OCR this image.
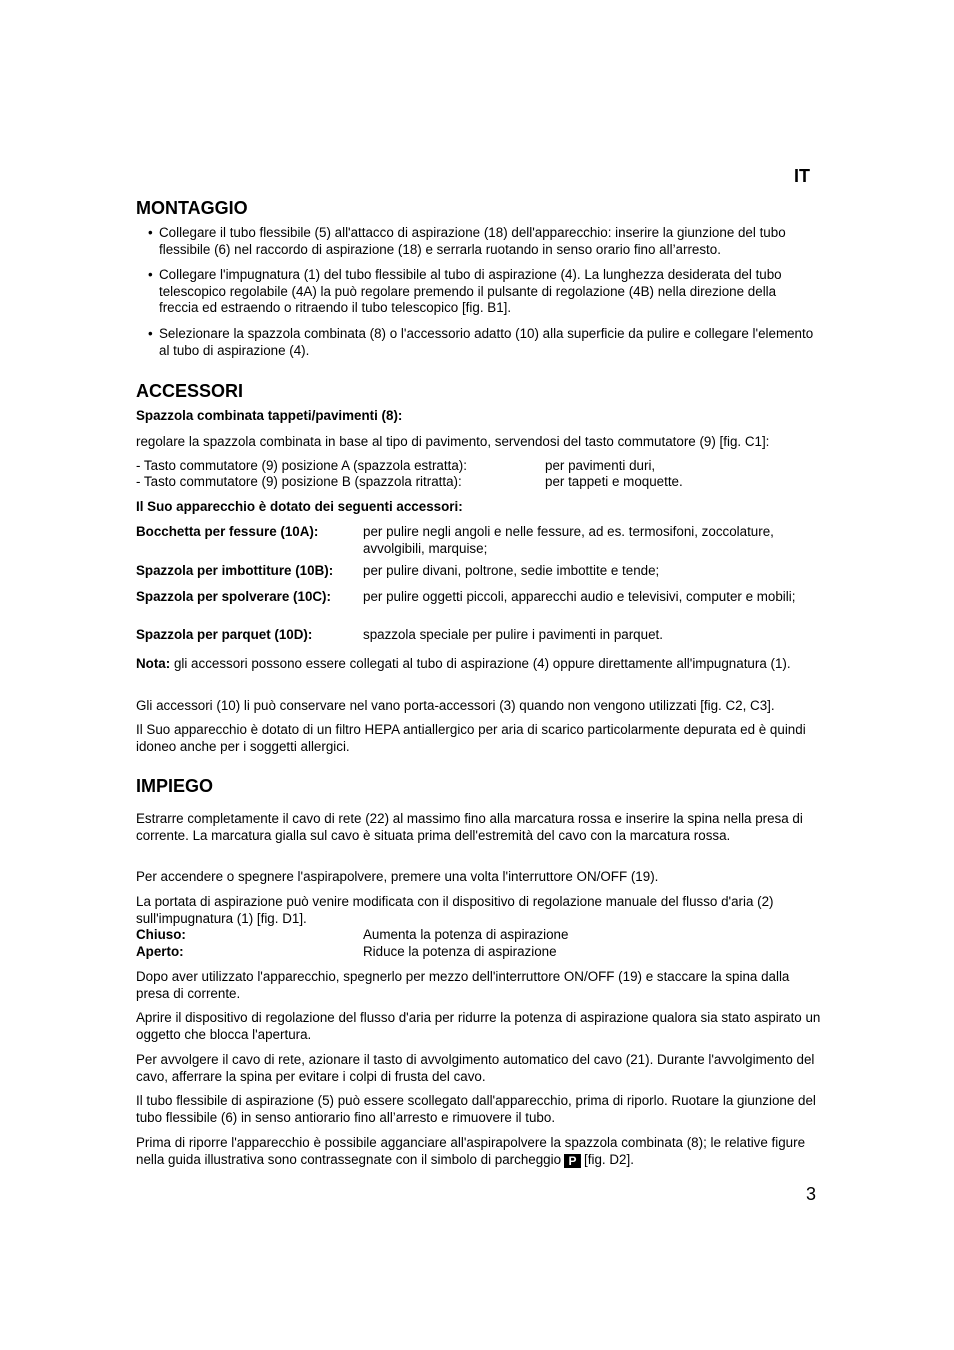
IT
MONTAGGIO
• Collegare il tubo flessibile (5) all'attacco di aspirazione (18) dell'apparecchio: inserire la giunzione del tubo flessibile (6) nel raccordo di aspirazione (18) e serrarla ruotando in senso orario fino all’arresto.

• Collegare l'impugnatura (1) del tubo flessibile al tubo di aspirazione (4). La lunghezza desiderata del tubo telescopico regolabile (4A) la può regolare premendo il pulsante di regolazione (4B) nella direzione della freccia ed estraendo o ritraendo il tubo telescopico [fig. B1].

• Selezionare la spazzola combinata (8) o l'accessorio adatto (10) alla superficie da pulire e collegare l'elemento al tubo di aspirazione (4).

ACCESSORI

Spazzola combinata tappeti/pavimenti (8):

regolare la spazzola combinata in base al tipo di pavimento, servendosi del tasto commutatore (9) [fig. C1]:

- Tasto commutatore (9) posizione A (spazzola estratta):	per pavimenti duri,
- Tasto commutatore (9) posizione B (spazzola ritratta):	per tappeti e moquette.

Il Suo apparecchio è dotato dei seguenti accessori:

Bocchetta per fessure (10A):	per pulire negli angoli e nelle fessure, ad es. termosifoni, zoccolature, avvolgibili, marquise;
Spazzola per imbottiture (10B): per pulire divani, poltrone, sedie imbottite e tende;
Spazzola per spolverare (10C): per pulire oggetti piccoli, apparecchi audio e televisivi, computer e mobili;
Spazzola per parquet (10D):	spazzola speciale per pulire i pavimenti in parquet.

Nota: gli accessori possono essere collegati al tubo di aspirazione (4) oppure direttamente all'impugnatura (1).

Gli accessori (10) li può conservare nel vano porta-accessori (3) quando non vengono utilizzati [fig. C2, C3].

Il Suo apparecchio è dotato di un filtro HEPA antiallergico per aria di scarico particolarmente depurata ed è quindi idoneo anche per i soggetti allergici.

IMPIEGO

Estrarre completamente il cavo di rete (22) al massimo fino alla marcatura rossa e inserire la spina nella presa di corrente. La marcatura gialla sul cavo è situata prima dell'estremità del cavo con la marcatura rossa.

Per accendere o spegnere l'aspirapolvere, premere una volta l'interruttore ON/OFF (19).

La portata di aspirazione può venire modificata con il dispositivo di regolazione manuale del flusso d'aria (2) sull'impugnatura (1) [fig. D1].

Chiuso:	Aumenta la potenza di aspirazione
Aperto:	Riduce la potenza di aspirazione

Dopo aver utilizzato l'apparecchio, spegnerlo per mezzo dell'interruttore ON/OFF (19) e staccare la spina dalla presa di corrente.

Aprire il dispositivo di regolazione del flusso d'aria per ridurre la potenza di aspirazione qualora sia stato aspirato un oggetto che blocca l'apertura.

Per avvolgere il cavo di rete, azionare il tasto di avvolgimento automatico del cavo (21). Durante l'avvolgimento del cavo, afferrare la spina per evitare i colpi di frusta del cavo.

Il tubo flessibile di aspirazione (5) può essere scollegato dall'apparecchio, prima di riporlo. Ruotare la giunzione del tubo flessibile (6) in senso antiorario fino all’arresto e rimuovere il tubo.

Prima di riporre l'apparecchio è possibile agganciare all'aspirapolvere la spazzola combinata (8); le relative figure nella guida illustrativa sono contrassegnate con il simbolo di parcheggio P [fig. D2].

3
